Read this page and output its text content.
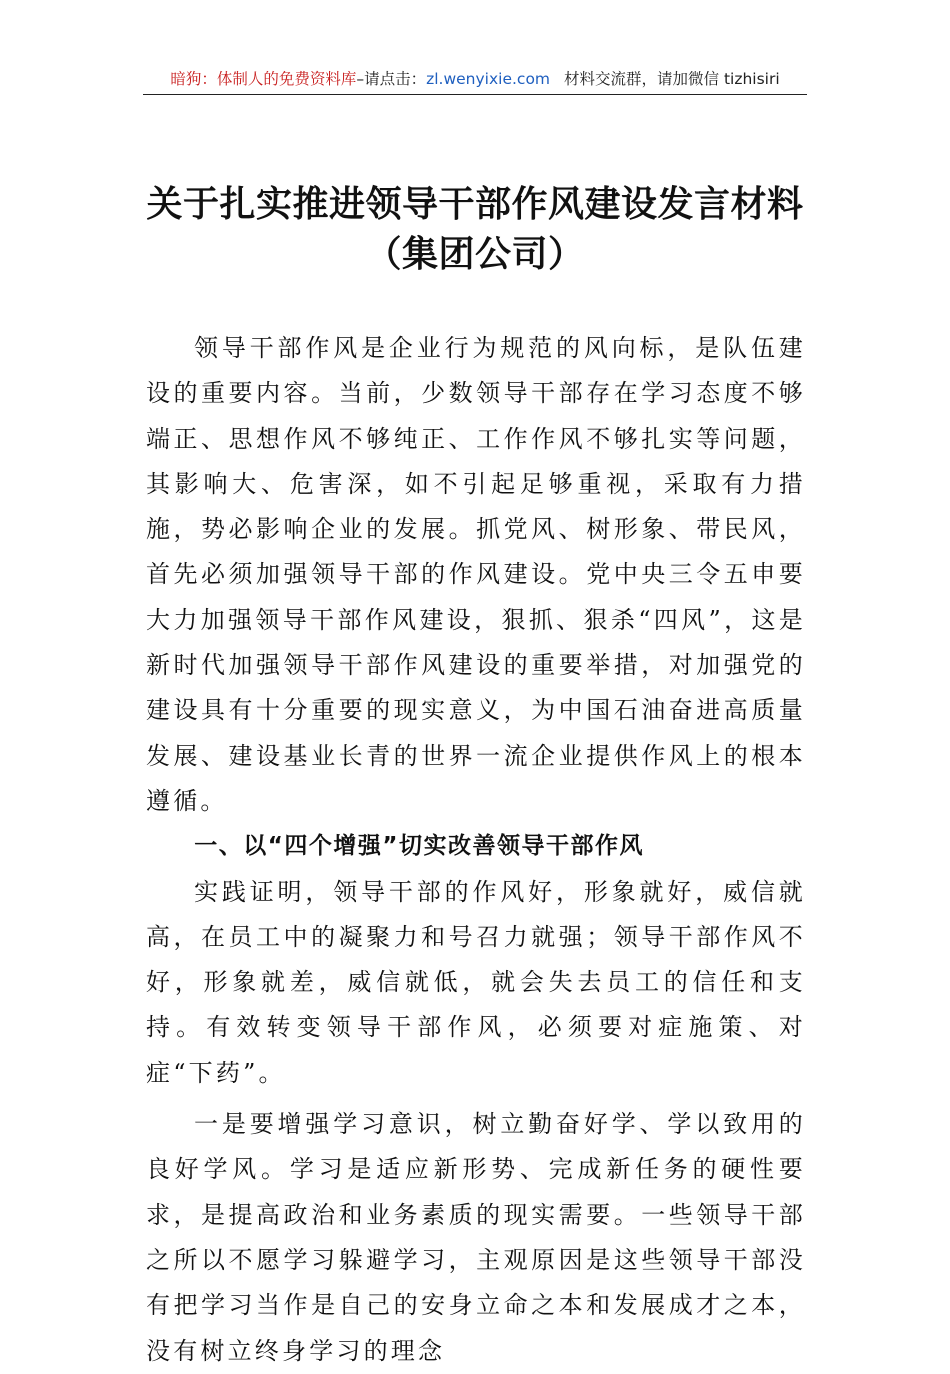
暗狗：体制人的免费资料库–请点击：zl.wenyixie.com 材料交流群，请加微信 tizhisiri
关于扎实推进领导干部作风建设发言材料
（集团公司）

领导干部作风是企业行为规范的风向标，是队伍建设的重要内容。当前，少数领导干部存在学习态度不够端正、思想作风不够纯正、工作作风不够扎实等问题，其影响大、危害深，如不引起足够重视，采取有力措施，势必影响企业的发展。抓党风、树形象、带民风，首先必须加强领导干部的作风建设。党中央三令五申要大力加强领导干部作风建设，狠抓、狠杀“四风”，这是新时代加强领导干部作风建设的重要举措，对加强党的建设具有十分重要的现实意义，为中国石油奋进高质量发展、建设基业长青的世界一流企业提供作风上的根本遵循。

一、以“四个增强”切实改善领导干部作风

实践证明，领导干部的作风好，形象就好，威信就高，在员工中的凝聚力和号召力就强；领导干部作风不好，形象就差，威信就低，就会失去员工的信任和支持。有效转变领导干部作风，必须要对症施策、对症“下药”。

一是要增强学习意识，树立勤奋好学、学以致用的良好学风。学习是适应新形势、完成新任务的硬性要求，是提高政治和业务素质的现实需要。一些领导干部之所以不愿学习躲避学习，主观原因是这些领导干部没有把学习当作是自己的安身立命之本和发展成才之本，没有树立终身学习的理念
